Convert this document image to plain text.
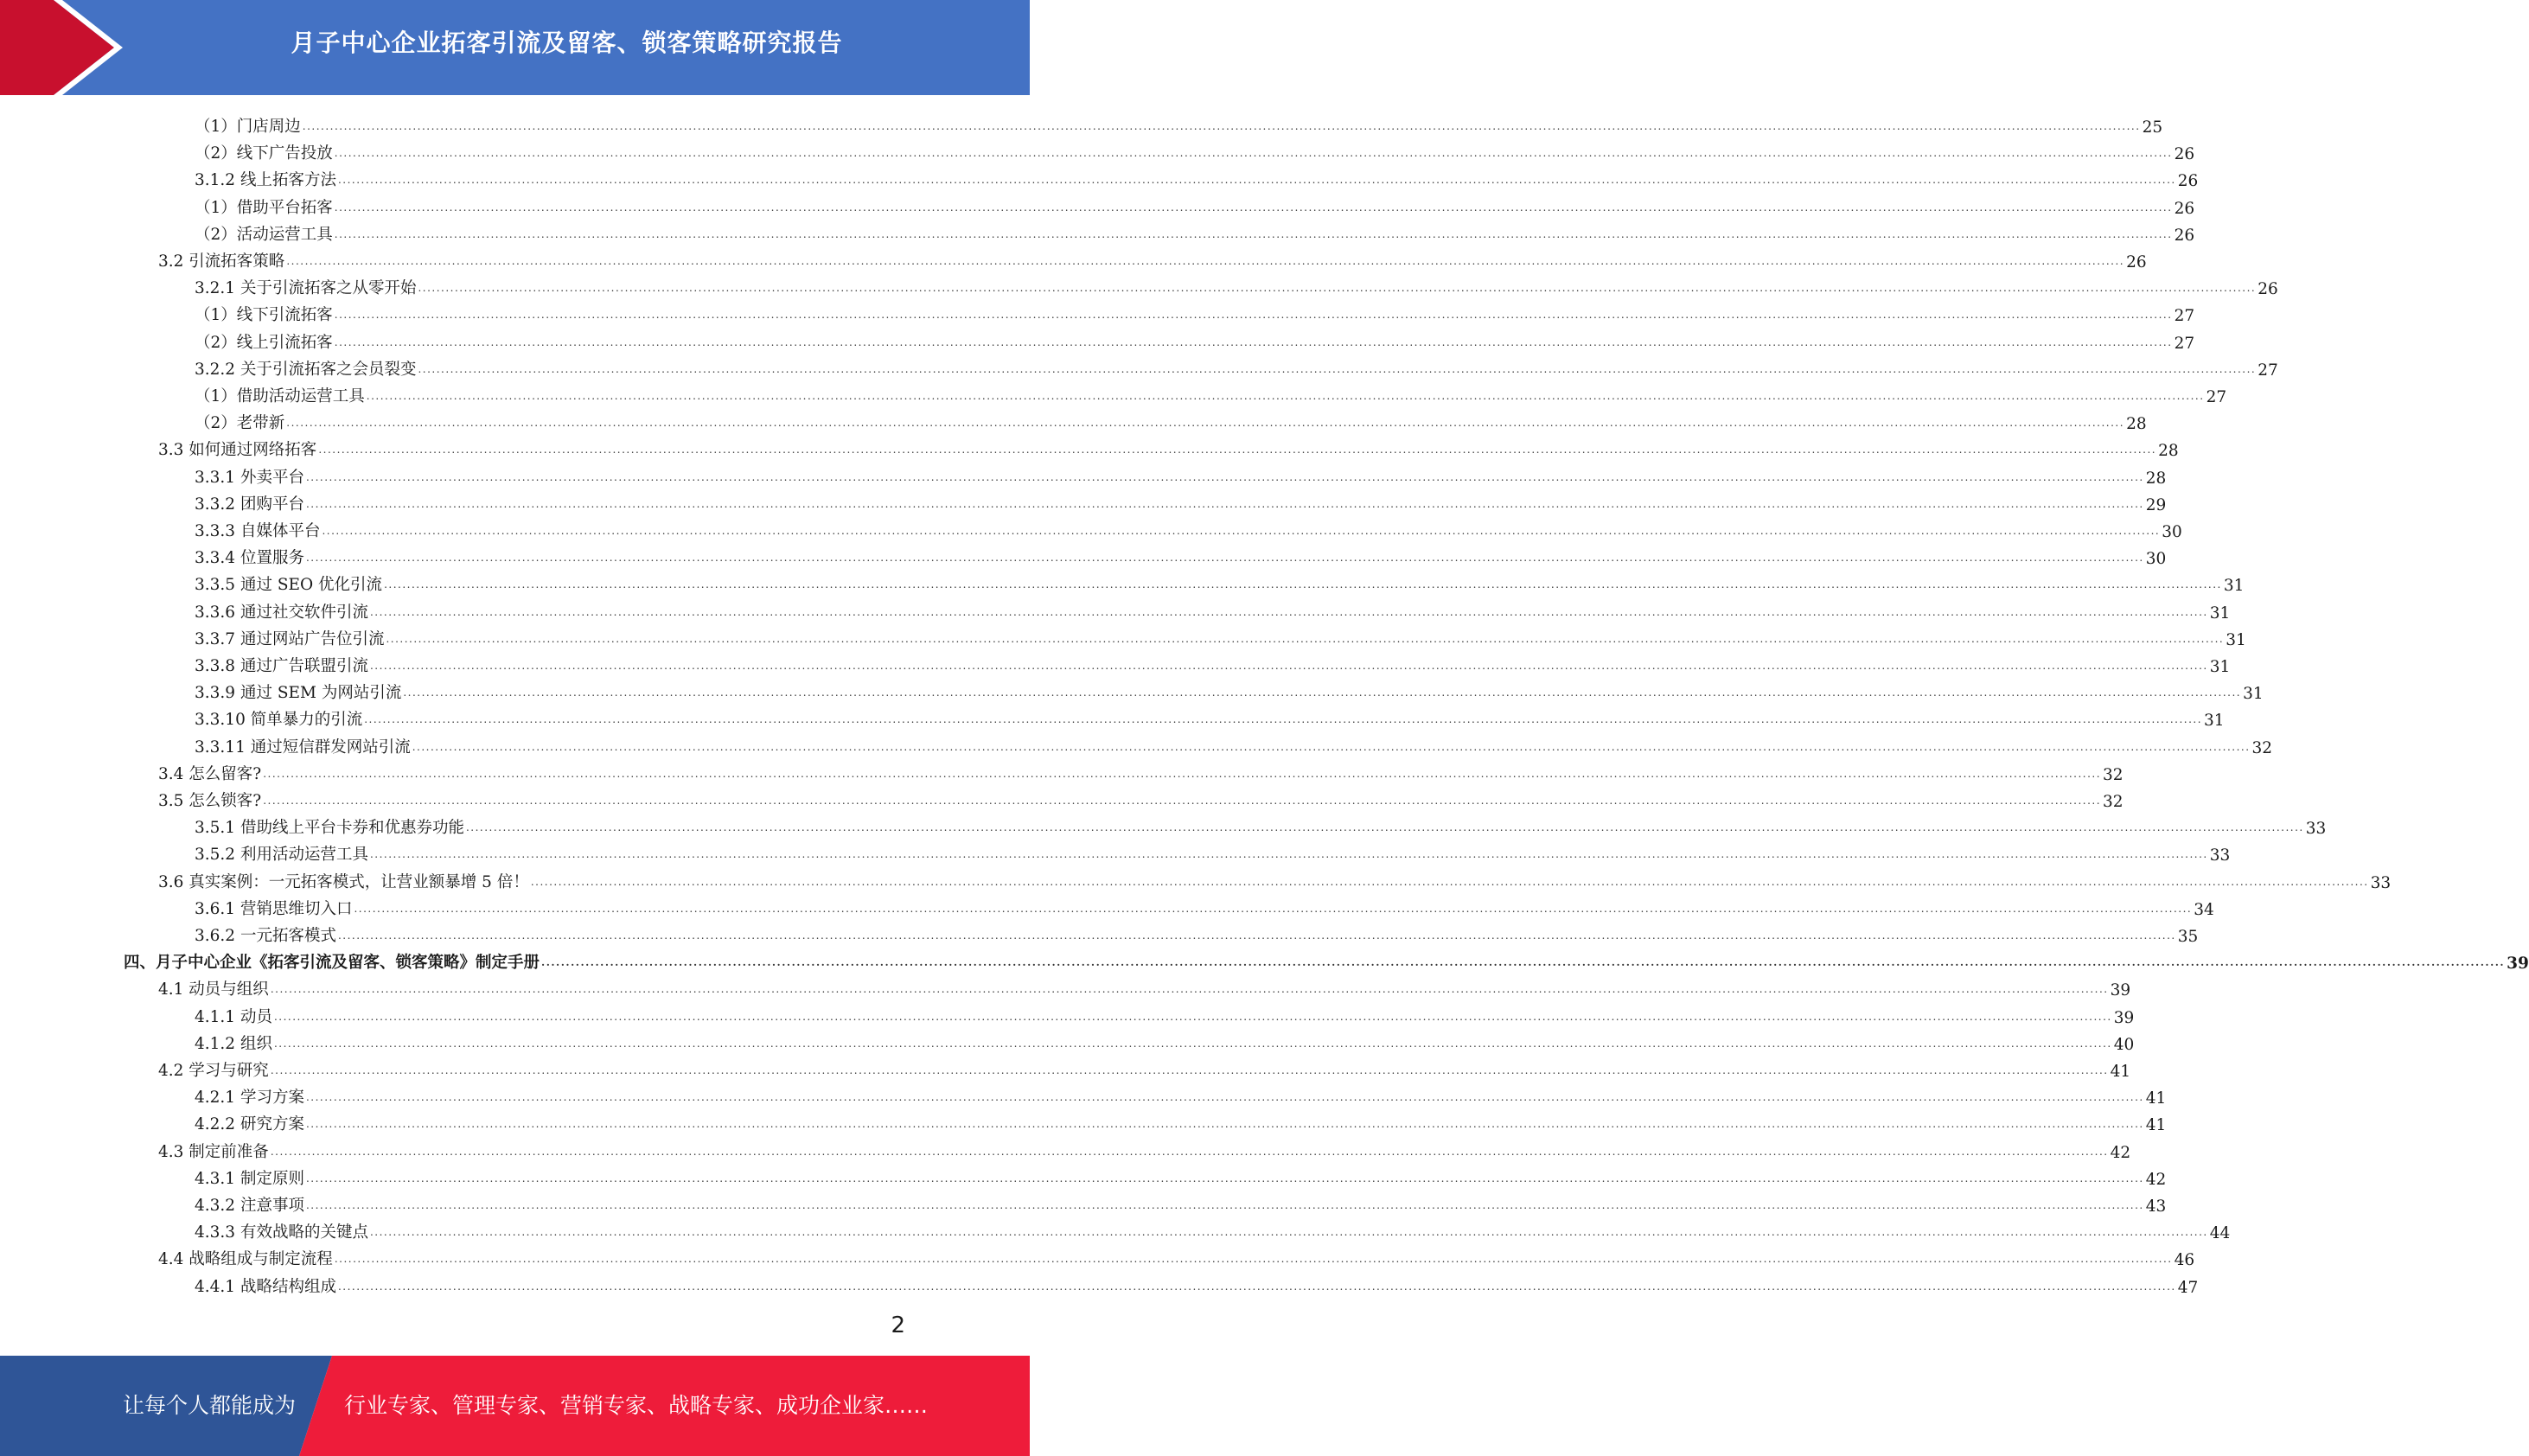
月子中心企业拓客引流及留客、锁客策略研究报告
（1）门店周边 ................................................................................................................................................................................................................................................................................................................................................................................................................ 25
（2）线下广告投放 ................................................................................................................................................................................................................................................................................................................................................................................................................ 26
3.1.2 线上拓客方法 ................................................................................................................................................................................................................................................................................................................................................................................................................ 26
（1）借助平台拓客 ................................................................................................................................................................................................................................................................................................................................................................................................................ 26
（2）活动运营工具 ................................................................................................................................................................................................................................................................................................................................................................................................................ 26
3.2 引流拓客策略 ................................................................................................................................................................................................................................................................................................................................................................................................................ 26
3.2.1 关于引流拓客之从零开始 ................................................................................................................................................................................................................................................................................................................................................................................................................ 26
（1）线下引流拓客 ................................................................................................................................................................................................................................................................................................................................................................................................................ 27
（2）线上引流拓客 ................................................................................................................................................................................................................................................................................................................................................................................................................ 27
3.2.2 关于引流拓客之会员裂变 ................................................................................................................................................................................................................................................................................................................................................................................................................ 27
（1）借助活动运营工具 ................................................................................................................................................................................................................................................................................................................................................................................................................ 27
（2）老带新 ................................................................................................................................................................................................................................................................................................................................................................................................................ 28
3.3 如何通过网络拓客 ................................................................................................................................................................................................................................................................................................................................................................................................................ 28
3.3.1 外卖平台 ................................................................................................................................................................................................................................................................................................................................................................................................................ 28
3.3.2 团购平台 ................................................................................................................................................................................................................................................................................................................................................................................................................ 29
3.3.3 自媒体平台 ................................................................................................................................................................................................................................................................................................................................................................................................................ 30
3.3.4 位置服务 ................................................................................................................................................................................................................................................................................................................................................................................................................ 30
3.3.5 通过 SEO 优化引流 ................................................................................................................................................................................................................................................................................................................................................................................................................ 31
3.3.6 通过社交软件引流 ................................................................................................................................................................................................................................................................................................................................................................................................................ 31
3.3.7 通过网站广告位引流 ................................................................................................................................................................................................................................................................................................................................................................................................................ 31
3.3.8 通过广告联盟引流 ................................................................................................................................................................................................................................................................................................................................................................................................................ 31
3.3.9 通过 SEM 为网站引流 ................................................................................................................................................................................................................................................................................................................................................................................................................ 31
3.3.10 简单暴力的引流 ................................................................................................................................................................................................................................................................................................................................................................................................................ 31
3.3.11 通过短信群发网站引流 ................................................................................................................................................................................................................................................................................................................................................................................................................ 32
3.4 怎么留客? ................................................................................................................................................................................................................................................................................................................................................................................................................ 32
3.5 怎么锁客? ................................................................................................................................................................................................................................................................................................................................................................................................................ 32
3.5.1 借助线上平台卡券和优惠券功能 ................................................................................................................................................................................................................................................................................................................................................................................................................ 33
3.5.2 利用活动运营工具 ................................................................................................................................................................................................................................................................................................................................................................................................................ 33
3.6 真实案例：一元拓客模式，让营业额暴增 5 倍！ ................................................................................................................................................................................................................................................................................................................................................................................................................ 33
3.6.1 营销思维切入口 ................................................................................................................................................................................................................................................................................................................................................................................................................ 34
3.6.2 一元拓客模式 ................................................................................................................................................................................................................................................................................................................................................................................................................ 35
四、月子中心企业《拓客引流及留客、锁客策略》制定手册 ................................................................................................................................................................................................................................................................................................................................................................................................................ 39
4.1 动员与组织 ................................................................................................................................................................................................................................................................................................................................................................................................................ 39
4.1.1 动员 ................................................................................................................................................................................................................................................................................................................................................................................................................ 39
4.1.2 组织 ................................................................................................................................................................................................................................................................................................................................................................................................................ 40
4.2 学习与研究 ................................................................................................................................................................................................................................................................................................................................................................................................................ 41
4.2.1 学习方案 ................................................................................................................................................................................................................................................................................................................................................................................................................ 41
4.2.2 研究方案 ................................................................................................................................................................................................................................................................................................................................................................................................................ 41
4.3 制定前准备 ................................................................................................................................................................................................................................................................................................................................................................................................................ 42
4.3.1 制定原则 ................................................................................................................................................................................................................................................................................................................................................................................................................ 42
4.3.2 注意事项 ................................................................................................................................................................................................................................................................................................................................................................................................................ 43
4.3.3 有效战略的关键点 ................................................................................................................................................................................................................................................................................................................................................................................................................ 44
4.4 战略组成与制定流程 ................................................................................................................................................................................................................................................................................................................................................................................................................ 46
4.4.1 战略结构组成 ................................................................................................................................................................................................................................................................................................................................................................................................................ 47
2
让每个人都能成为 行业专家、管理专家、营销专家、战略专家、成功企业家……
